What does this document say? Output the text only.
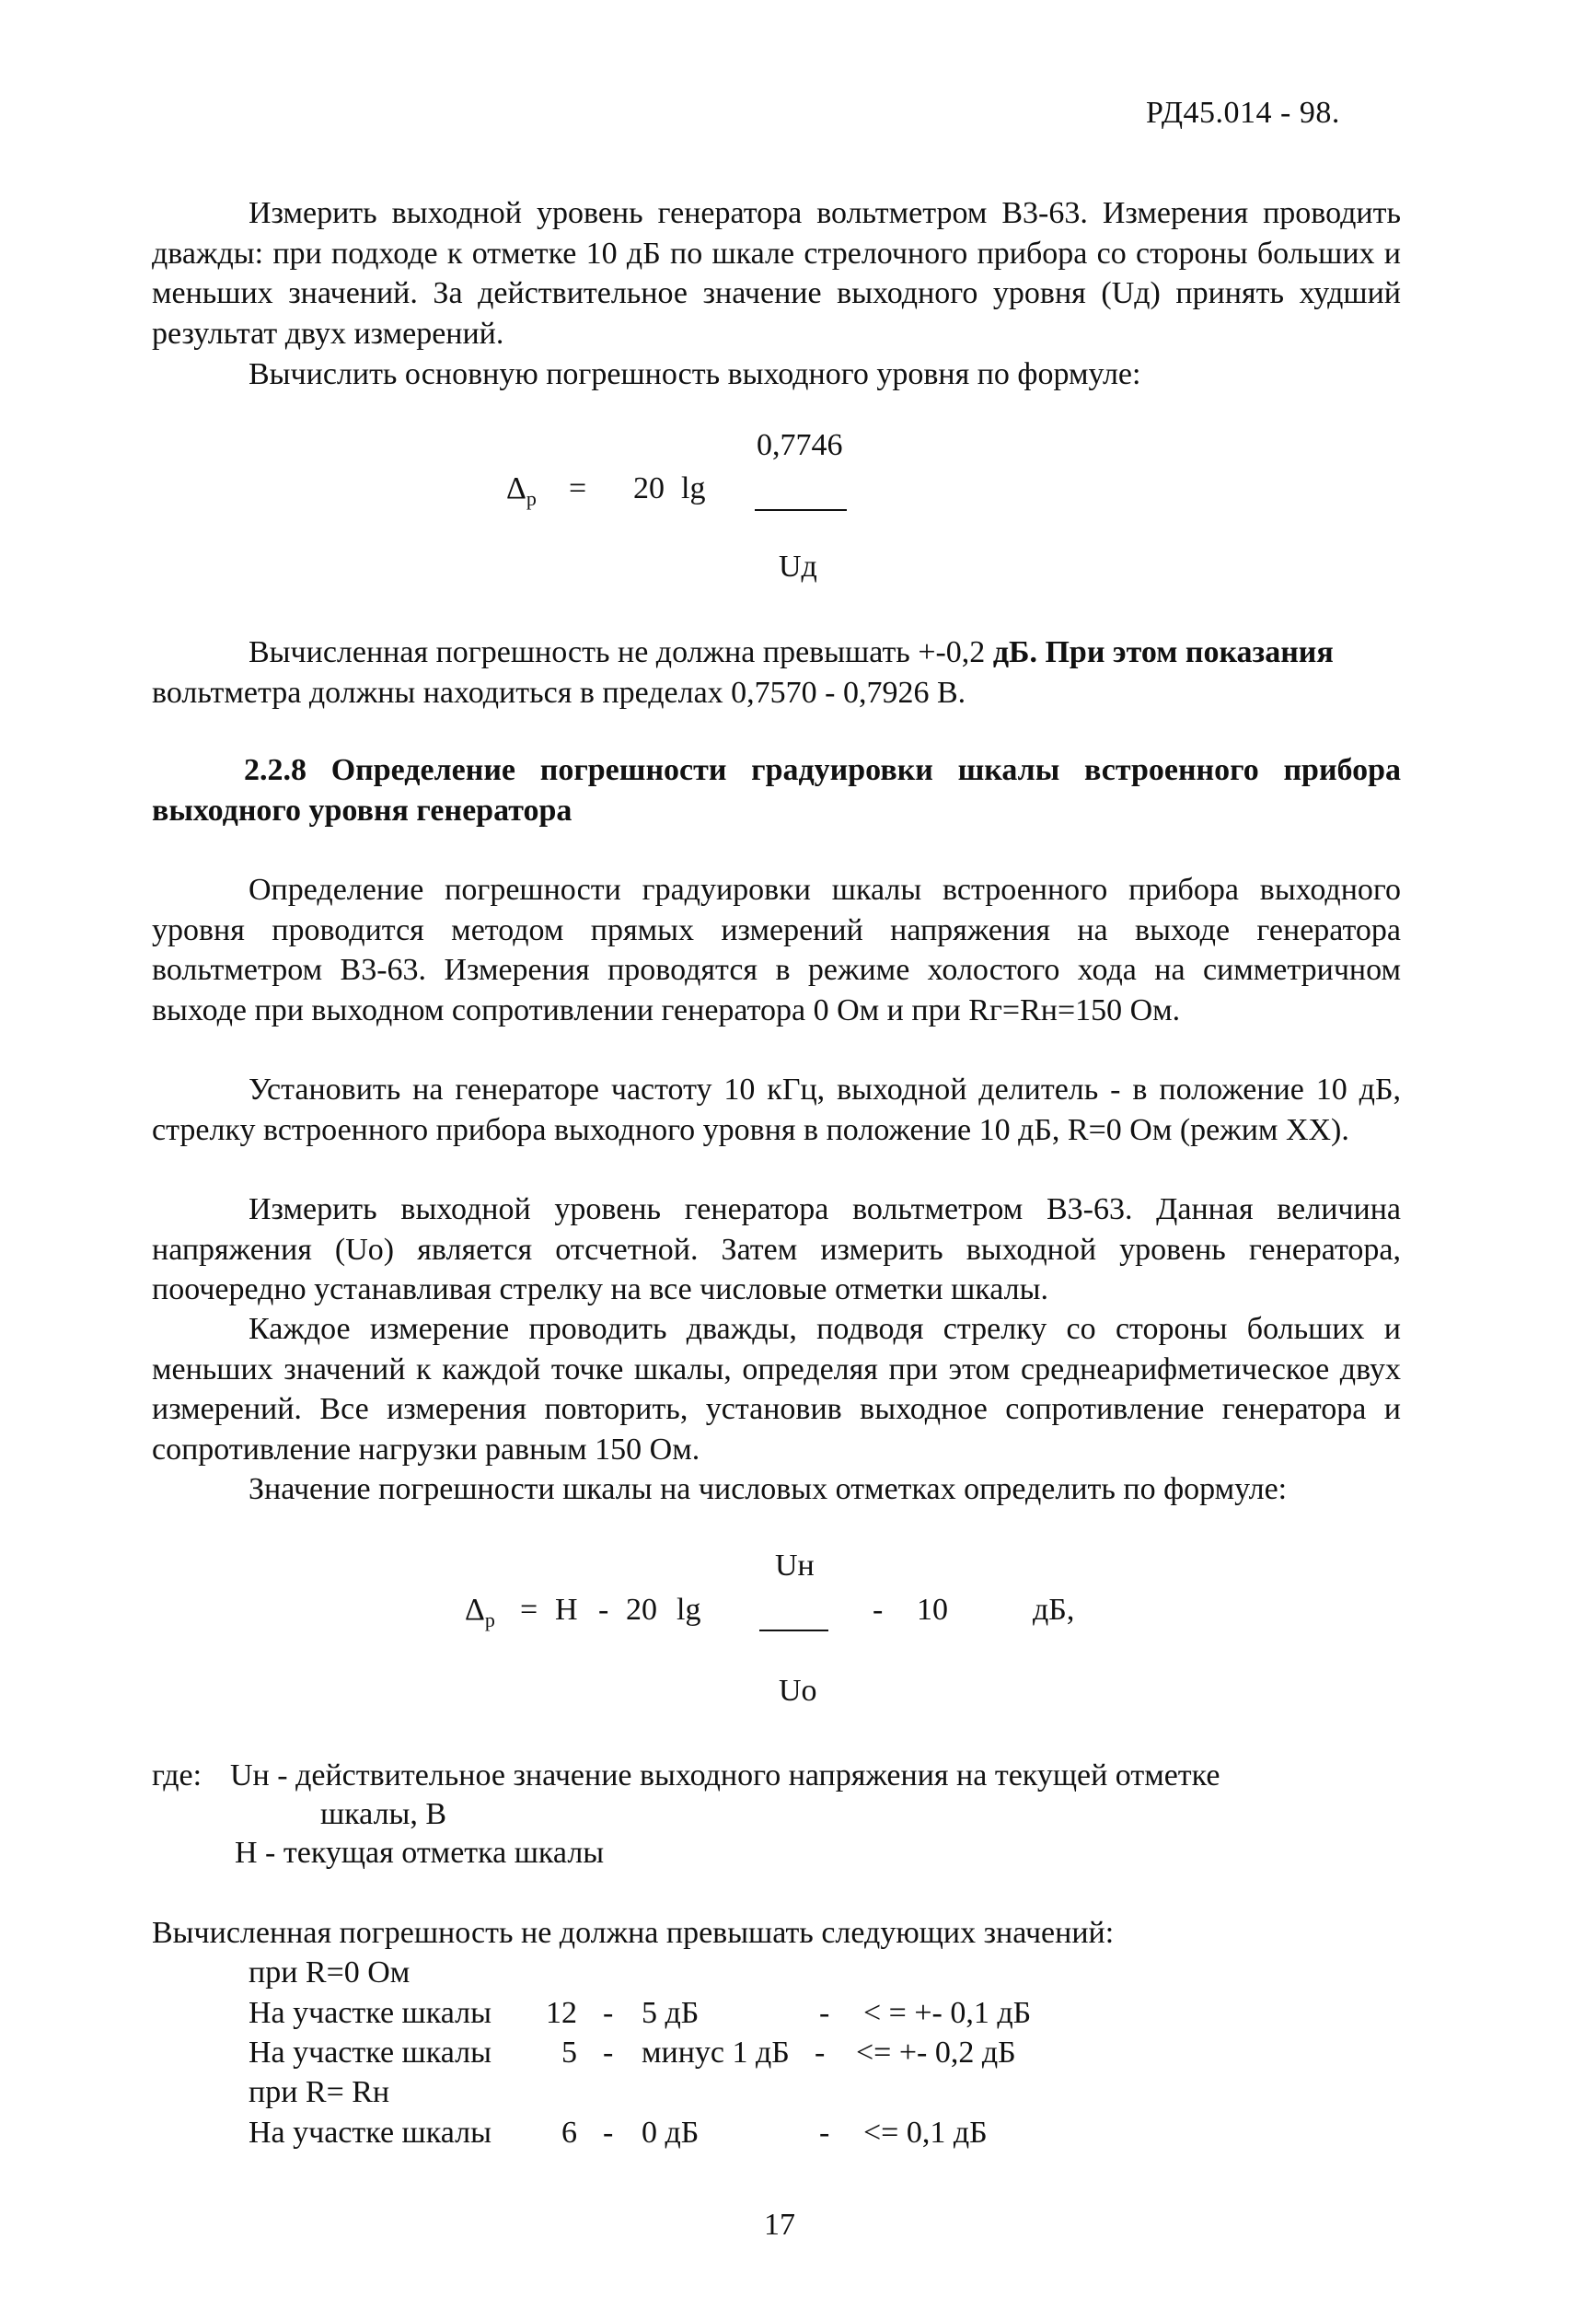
РД45.014 - 98.
Измерить выходной уровень генератора вольтметром В3-63. Измерения проводить дважды: при подходе к отметке 10 дБ по шкале стрелочного прибора со стороны больших и меньших значений. За действительное значение выходного уровня (Uд) принять худший результат двух измерений.
Вычислить основную погрешность выходного уровня по формуле:
$\Delta_p = 20$ lg
0,7746
Uд
Вычисленная погрешность не должна превышать +-0,2 дБ. При этом показания
вольтметра должны находиться в пределах 0,7570 - 0,7926 В.
2.2.8 Определение погрешности градуировки шкалы встроенного прибора выходного уровня генератора
Определение погрешности градуировки шкалы встроенного прибора выходного уровня проводится методом прямых измерений напряжения на выходе генератора вольтметром В3-63. Измерения проводятся в режиме холостого хода на симметричном выходе при выходном сопротивлении генератора 0 Ом и при Rг=Rн=150 Ом.
Установить на генераторе частоту 10 кГц, выходной делитель - в положение 10 дБ, стрелку встроенного прибора выходного уровня в положение 10 дБ, R=0 Ом (режим XX).
Измерить выходной уровень генератора вольтметром В3-63. Данная величина напряжения (Uо) является отсчетной. Затем измерить выходной уровень генератора, поочередно устанавливая стрелку на все числовые отметки шкалы.
Каждое измерение проводить дважды, подводя стрелку со стороны больших и меньших значений к каждой точке шкалы, определяя при этом среднеарифметическое двух измерений. Все измерения повторить, установив выходное сопротивление генератора и сопротивление нагрузки равным 150 Ом.
Значение погрешности шкалы на числовых отметках определить по формуле:
$\Delta_p = Н - 20$ lg
Uн
Uо
- 10	дБ,
где: Uн - действительное значение выходного напряжения на текущей отметке
шкалы, В
Н - текущая отметка шкалы
Вычисленная погрешность не должна превышать следующих значений:
при R=0 Ом
На участке шкалы 12 - 5 дБ	- < = +- 0,1 дБ
На участке шкалы 5 - минус 1 дБ - <= +- 0,2 дБ
при R= Rн
На участке шкалы 6 - 0 дБ	- <= 0,1 дБ
17
